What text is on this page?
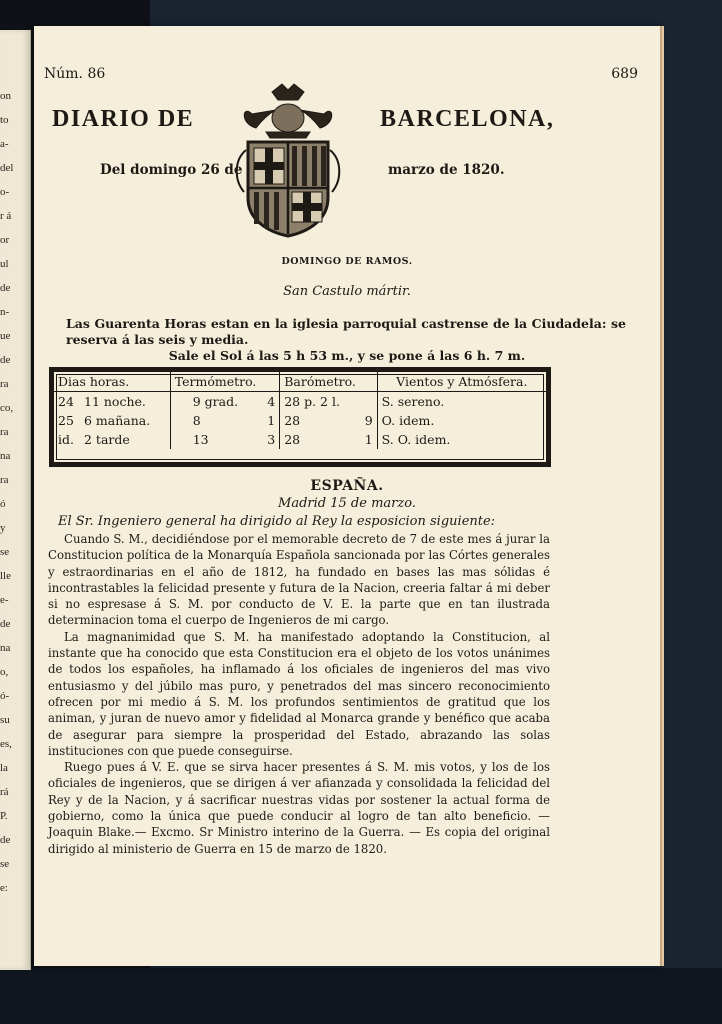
on
to
a-
del
o-
r á
or
ul
de
n-
ue
de
ra
co,
ra
na
ra
ó
y
se
lle
e-
de
na
o,
ó-
su
es,
la
rá
P.
de
se
e:
Núm. 86	689
DIARIO DE	BARCELONA,
Del domingo 26 de	marzo de 1820.
DOMINGO DE RAMOS.
San Castulo mártir.
Las Guarenta Horas estan en la iglesia parroquial castrense de la Ciudadela: se reserva á las seis y media.
Sale el Sol á las 5 h 53 m., y se pone á las 6 h. 7 m.
Dias horas.		Termómetro.		Barómetro.		Vientos y Atmósfera.
24	11 noche.	9 grad.	4	28 p. 2 l.		S. sereno.
25	6 mañana.	8	1	28	9	O. idem.
id.	2 tarde	13	3	28	1	S. O. idem.
ESPAÑA.
Madrid 15 de marzo.
El Sr. Ingeniero general ha dirigido al Rey la esposicion siguiente:

Cuando S. M., decidiéndose por el memorable decreto de 7 de este mes á jurar la Constitucion política de la Monarquía Española sancionada por las Córtes generales y estraordinarias en el año de 1812, ha fundado en bases las mas sólidas é incontrastables la felicidad presente y futura de la Nacion, creeria faltar á mi deber si no espresase á S. M. por conducto de V. E. la parte que en tan ilustrada determinacion toma el cuerpo de Ingenieros de mi cargo.

La magnanimidad que S. M. ha manifestado adoptando la Constitucion, al instante que ha conocido que esta Constitucion era el objeto de los votos unánimes de todos los españoles, ha inflamado á los oficiales de ingenieros del mas vivo entusiasmo y del júbilo mas puro, y penetrados del mas sincero reconocimiento ofrecen por mi medio á S. M. los profundos sentimientos de gratitud que los animan, y juran de nuevo amor y fidelidad al Monarca grande y benéfico que acaba de asegurar para siempre la prosperidad del Estado, abrazando las solas instituciones con que puede conseguirse.

Ruego pues á V. E. que se sirva hacer presentes á S. M. mis votos, y los de los oficiales de ingenieros, que se dirigen á ver afianzada y consolidada la felicidad del Rey y de la Nacion, y á sacrificar nuestras vidas por sostener la actual forma de gobierno, como la única que puede conducir al logro de tan alto beneficio. — Joaquin Blake.— Excmo. Sr Ministro interino de la Guerra. — Es copia del original dirigido al ministerio de Guerra en 15 de marzo de 1820.
